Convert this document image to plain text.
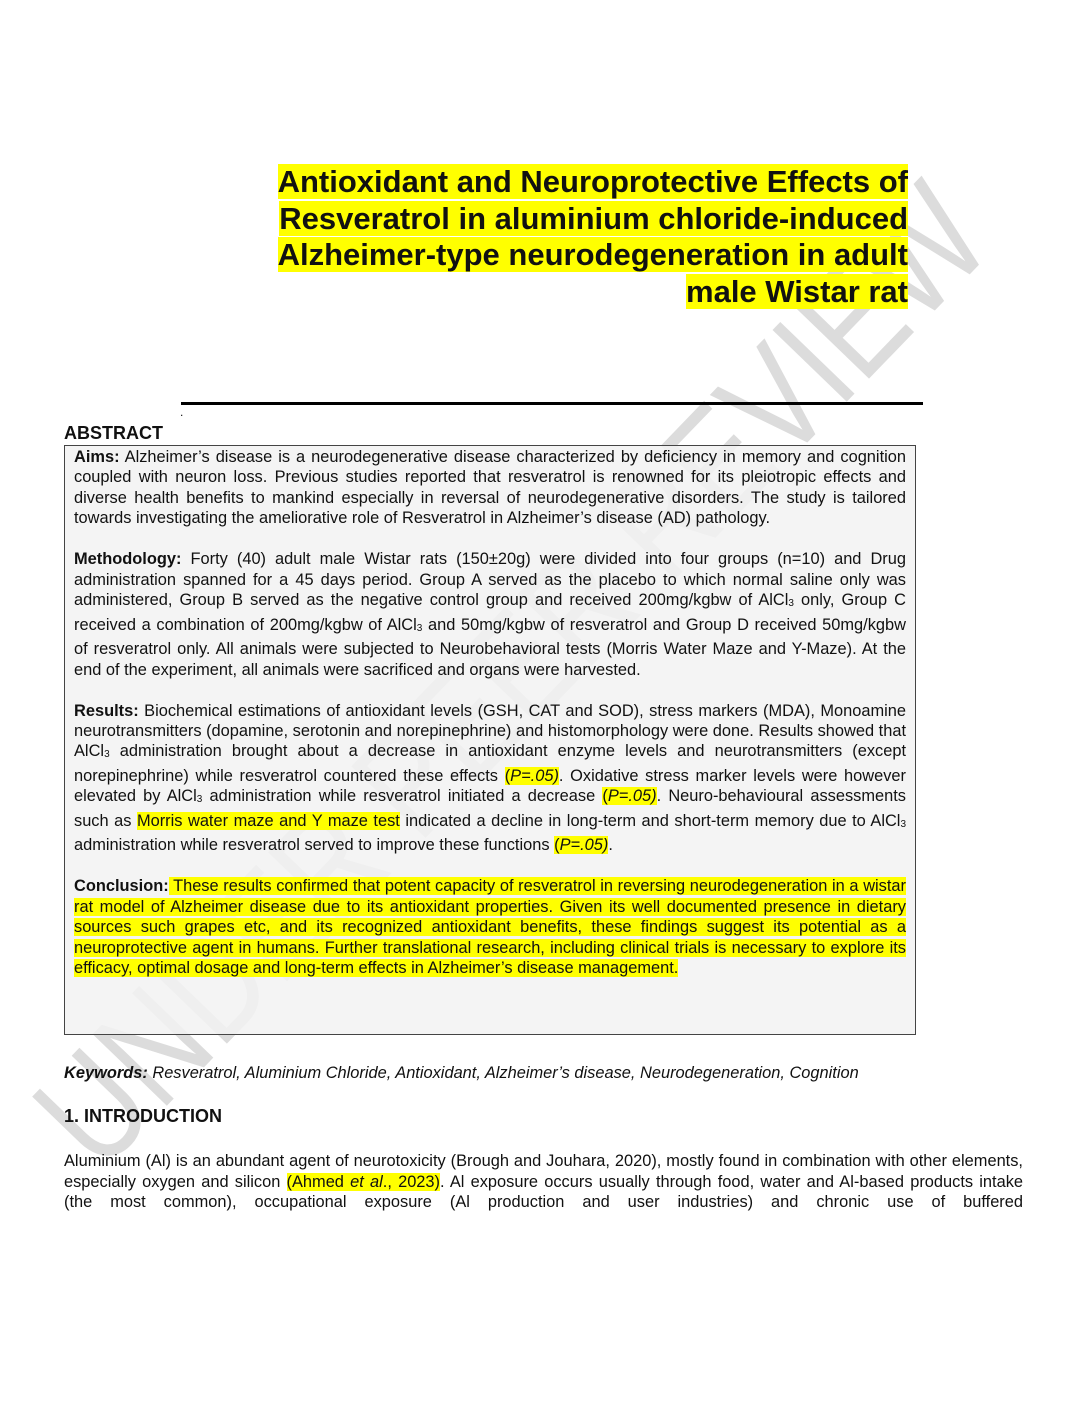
Antioxidant and Neuroprotective Effects of
Resveratrol in aluminium chloride-induced
Alzheimer-type neurodegeneration in adult
male Wistar rat
.
ABSTRACT

Aims: Alzheimer’s disease is a neurodegenerative disease characterized by deficiency in memory and cognition coupled with neuron loss. Previous studies reported that resveratrol is renowned for its pleiotropic effects and diverse health benefits to mankind especially in reversal of neurodegenerative disorders. The study is tailored towards investigating the ameliorative role of Resveratrol in Alzheimer’s disease (AD) pathology.

Methodology: Forty (40) adult male Wistar rats (150±20g) were divided into four groups (n=10) and Drug administration spanned for a 45 days period. Group A served as the placebo to which normal saline only was administered, Group B served as the negative control group and received 200mg/kgbw of AlCl3 only, Group C received a combination of 200mg/kgbw of AlCl3 and 50mg/kgbw of resveratrol and Group D received 50mg/kgbw of resveratrol only. All animals were subjected to Neurobehavioral tests (Morris Water Maze and Y-Maze). At the end of the experiment, all animals were sacrificed and organs were harvested.

Results: Biochemical estimations of antioxidant levels (GSH, CAT and SOD), stress markers (MDA), Monoamine neurotransmitters (dopamine, serotonin and norepinephrine) and histomorphology were done. Results showed that AlCl3 administration brought about a decrease in antioxidant enzyme levels and neurotransmitters (except norepinephrine) while resveratrol countered these effects (P=.05). Oxidative stress marker levels were however elevated by AlCl3 administration while resveratrol initiated a decrease (P=.05). Neuro-behavioural assessments such as Morris water maze and Y maze test indicated a decline in long-term and short-term memory due to AlCl3 administration while resveratrol served to improve these functions (P=.05).

Conclusion: These results confirmed that potent capacity of resveratrol in reversing neurodegeneration in a wistar rat model of Alzheimer disease due to its antioxidant properties. Given its well documented presence in dietary sources such grapes etc, and its recognized antioxidant benefits, these findings suggest its potential as a neuroprotective agent in humans. Further translational research, including clinical trials is necessary to explore its efficacy, optimal dosage and long-term effects in Alzheimer’s disease management.

Keywords: Resveratrol, Aluminium Chloride, Antioxidant, Alzheimer’s disease, Neurodegeneration, Cognition
1. INTRODUCTION

Aluminium (Al) is an abundant agent of neurotoxicity (Brough and Jouhara, 2020), mostly found in combination with other elements, especially oxygen and silicon (Ahmed et al., 2023). Al exposure occurs usually through food, water and Al-based products intake (the most common), occupational exposure (Al production and user industries) and chronic use of buffered
